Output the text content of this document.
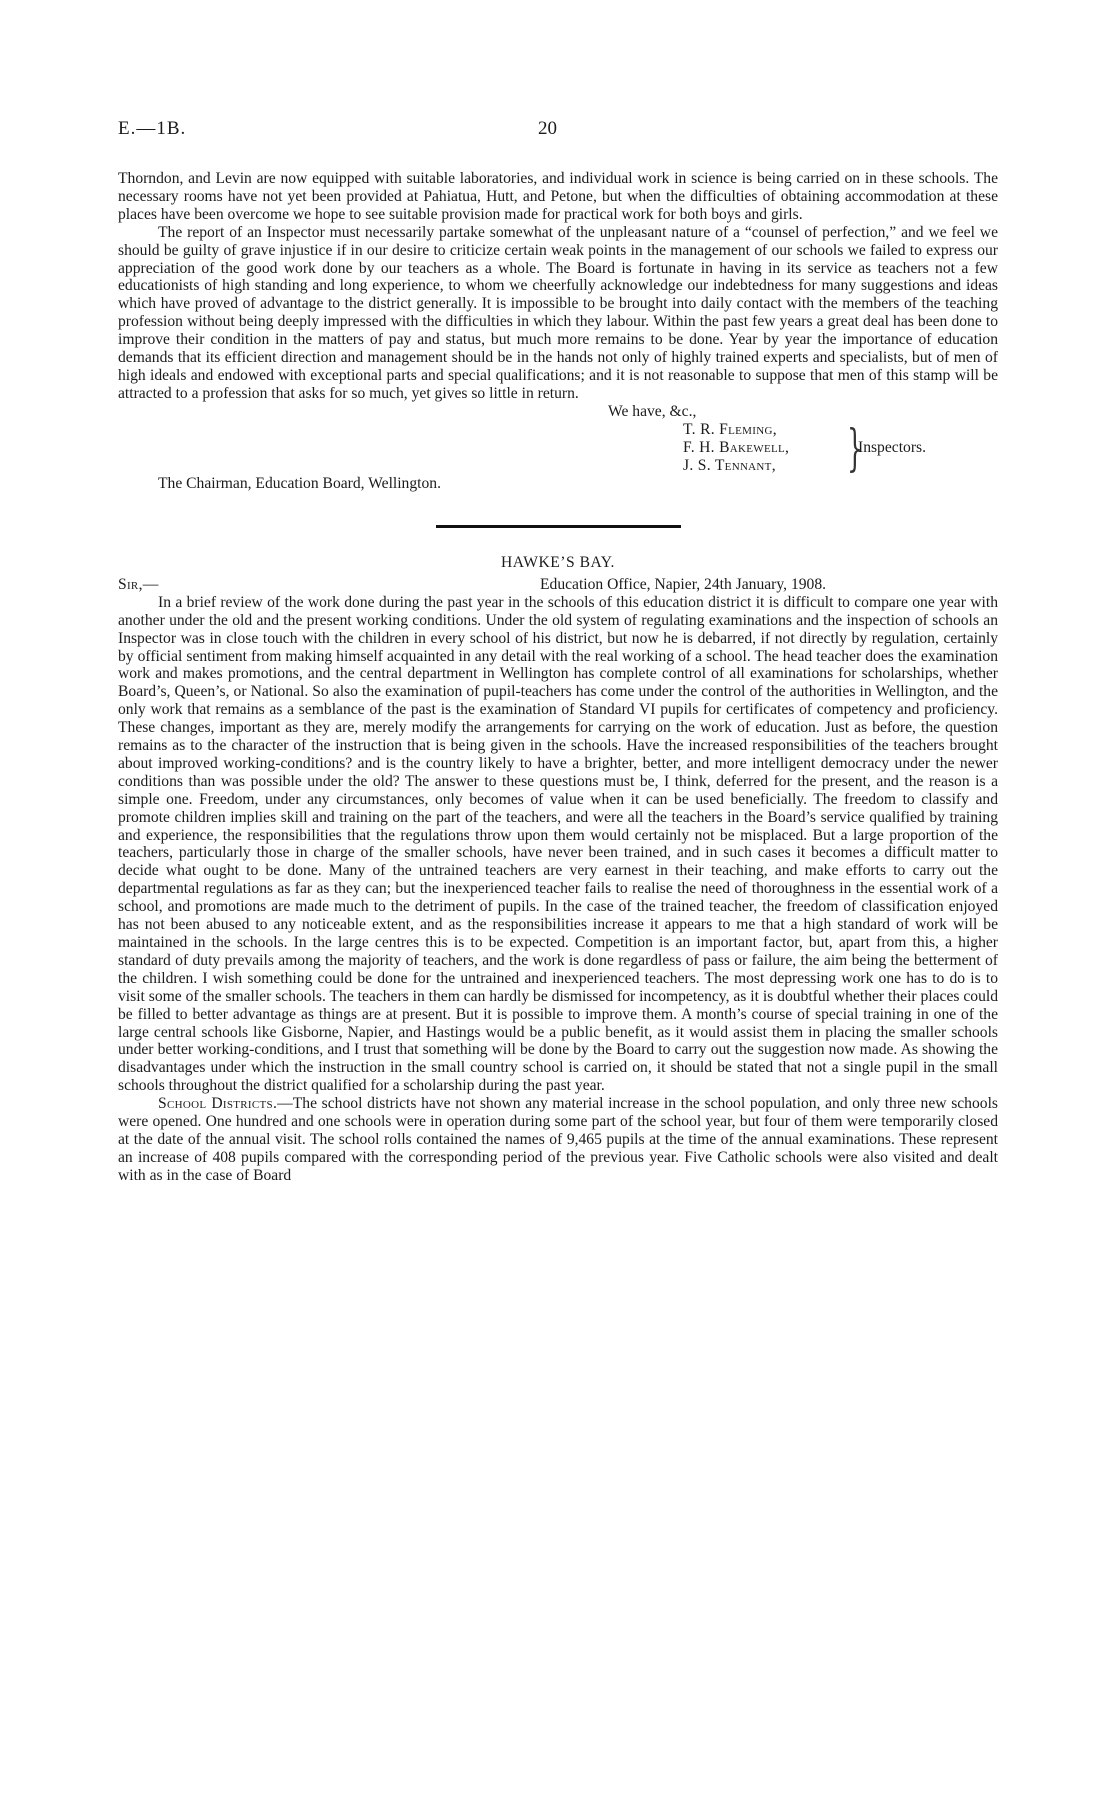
E.—1B.	20

Thorndon, and Levin are now equipped with suitable laboratories, and individual work in science is being carried on in these schools. The necessary rooms have not yet been provided at Pahiatua, Hutt, and Petone, but when the difficulties of obtaining accommodation at these places have been overcome we hope to see suitable provision made for practical work for both boys and girls.

The report of an Inspector must necessarily partake somewhat of the unpleasant nature of a “counsel of perfection,” and we feel we should be guilty of grave injustice if in our desire to criticize certain weak points in the management of our schools we failed to express our appreciation of the good work done by our teachers as a whole. The Board is fortunate in having in its service as teachers not a few educationists of high standing and long experience, to whom we cheerfully acknowledge our indebtedness for many suggestions and ideas which have proved of advantage to the district generally. It is impossible to be brought into daily contact with the members of the teaching profession without being deeply impressed with the difficulties in which they labour. Within the past few years a great deal has been done to improve their condition in the matters of pay and status, but much more remains to be done. Year by year the importance of education demands that its efficient direction and management should be in the hands not only of highly trained experts and specialists, but of men of high ideals and endowed with exceptional parts and special qualifications; and it is not reasonable to suppose that men of this stamp will be attracted to a profession that asks for so much, yet gives so little in return.

We have, &c.,
T. R. Fleming,
F. H. Bakewell,
J. S. Tennant, }
Inspectors.
The Chairman, Education Board, Wellington.
HAWKE’S BAY.
Sir,—	Education Office, Napier, 24th January, 1908.

In a brief review of the work done during the past year in the schools of this education district it is difficult to compare one year with another under the old and the present working conditions. Under the old system of regulating examinations and the inspection of schools an Inspector was in close touch with the children in every school of his district, but now he is debarred, if not directly by regulation, certainly by official sentiment from making himself acquainted in any detail with the real working of a school. The head teacher does the examination work and makes promotions, and the central department in Wellington has complete control of all examinations for scholarships, whether Board’s, Queen’s, or National. So also the examination of pupil-teachers has come under the control of the authorities in Wellington, and the only work that remains as a semblance of the past is the examination of Standard VI pupils for certificates of competency and proficiency. These changes, important as they are, merely modify the arrangements for carrying on the work of education. Just as before, the question remains as to the character of the instruction that is being given in the schools. Have the increased responsibilities of the teachers brought about improved working-conditions? and is the country likely to have a brighter, better, and more intelligent democracy under the newer conditions than was possible under the old? The answer to these questions must be, I think, deferred for the present, and the reason is a simple one. Freedom, under any circumstances, only becomes of value when it can be used beneficially. The freedom to classify and promote children implies skill and training on the part of the teachers, and were all the teachers in the Board’s service qualified by training and experience, the responsibilities that the regulations throw upon them would certainly not be misplaced. But a large proportion of the teachers, particularly those in charge of the smaller schools, have never been trained, and in such cases it becomes a difficult matter to decide what ought to be done. Many of the untrained teachers are very earnest in their teaching, and make efforts to carry out the departmental regulations as far as they can; but the inexperienced teacher fails to realise the need of thoroughness in the essential work of a school, and promotions are made much to the detriment of pupils. In the case of the trained teacher, the freedom of classification enjoyed has not been abused to any noticeable extent, and as the responsibilities increase it appears to me that a high standard of work will be maintained in the schools. In the large centres this is to be expected. Competition is an important factor, but, apart from this, a higher standard of duty prevails among the majority of teachers, and the work is done regardless of pass or failure, the aim being the betterment of the children. I wish something could be done for the untrained and inexperienced teachers. The most depressing work one has to do is to visit some of the smaller schools. The teachers in them can hardly be dismissed for incompetency, as it is doubtful whether their places could be filled to better advantage as things are at present. But it is possible to improve them. A month’s course of special training in one of the large central schools like Gisborne, Napier, and Hastings would be a public benefit, as it would assist them in placing the smaller schools under better working-conditions, and I trust that something will be done by the Board to carry out the suggestion now made. As showing the disadvantages under which the instruction in the small country school is carried on, it should be stated that not a single pupil in the small schools throughout the district qualified for a scholarship during the past year.

School Districts.—The school districts have not shown any material increase in the school population, and only three new schools were opened. One hundred and one schools were in operation during some part of the school year, but four of them were temporarily closed at the date of the annual visit. The school rolls contained the names of 9,465 pupils at the time of the annual examinations. These represent an increase of 408 pupils compared with the corresponding period of the previous year. Five Catholic schools were also visited and dealt with as in the case of Board
